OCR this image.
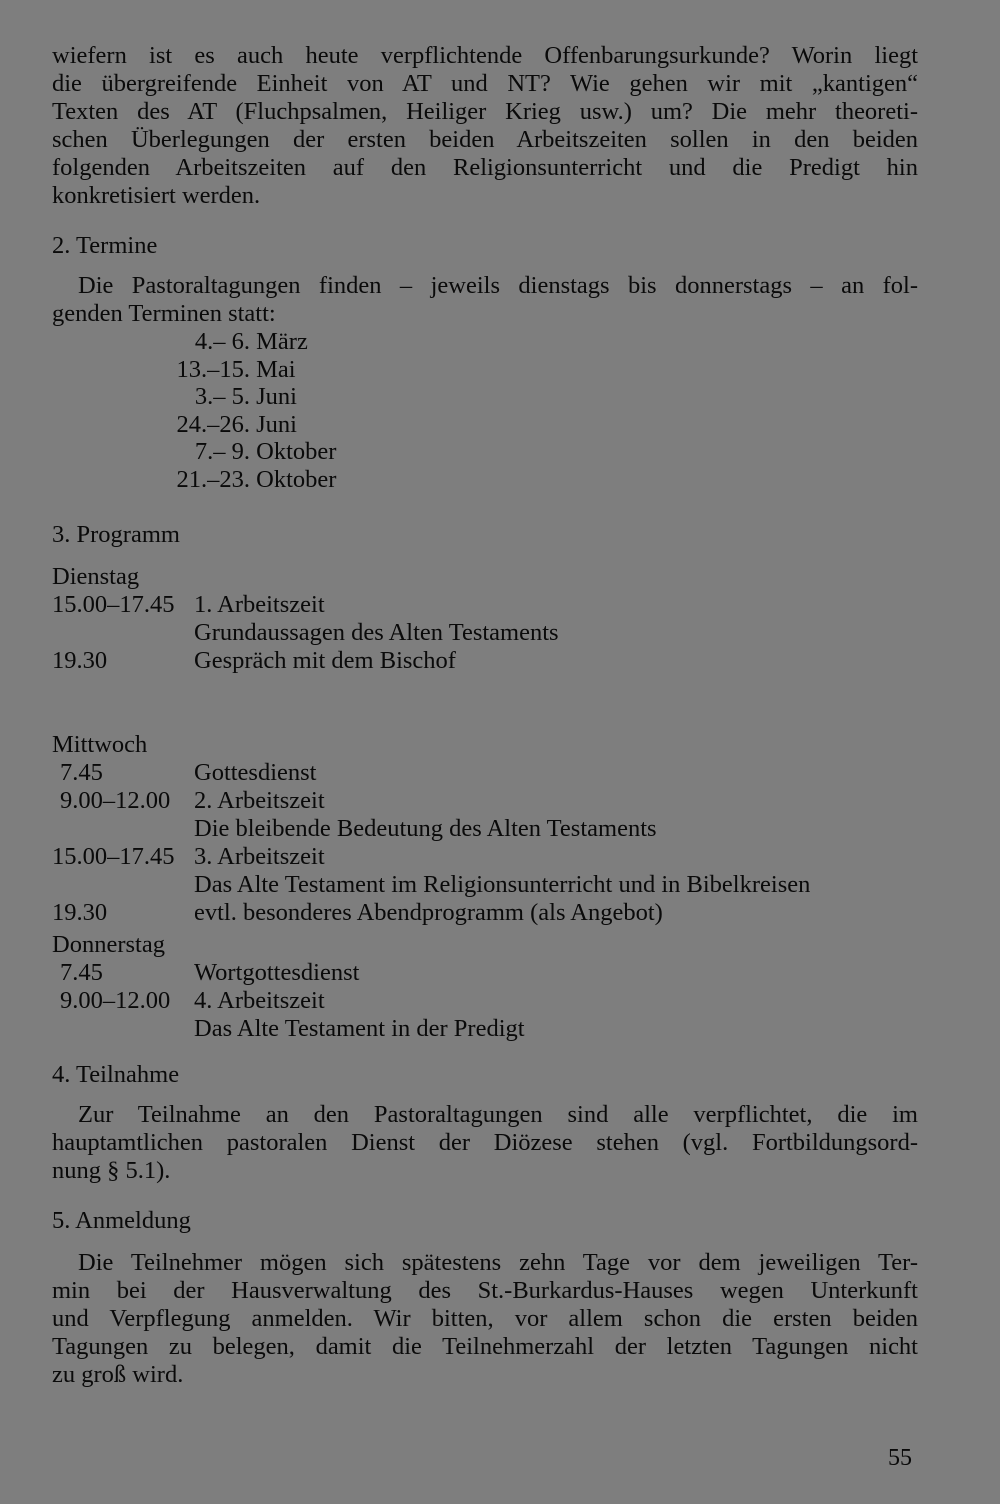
wiefern ist es auch heute verpflichtende Offenbarungsurkunde? Worin liegt
die übergreifende Einheit von AT und NT? Wie gehen wir mit „kantigen“
Texten des AT (Fluchpsalmen, Heiliger Krieg usw.) um? Die mehr theoreti-
schen Überlegungen der ersten beiden Arbeitszeiten sollen in den beiden
folgenden Arbeitszeiten auf den Religionsunterricht und die Predigt hin
konkretisiert werden.
2. Termine
Die Pastoraltagungen finden – jeweils dienstags bis donnerstags – an fol-
genden Terminen statt:
4.– 6. März
13.–15. Mai
3.– 5. Juni
24.–26. Juni
7.– 9. Oktober
21.–23. Oktober
3. Programm
Dienstag
15.00–17.45 1. Arbeitszeit
Grundaussagen des Alten Testaments
19.30	Gespräch mit dem Bischof
Mittwoch
7.45	Gottesdienst
9.00–12.00 2. Arbeitszeit
Die bleibende Bedeutung des Alten Testaments
15.00–17.45 3. Arbeitszeit
Das Alte Testament im Religionsunterricht und in Bibelkreisen
19.30	evtl. besonderes Abendprogramm (als Angebot)
Donnerstag
7.45	Wortgottesdienst
9.00–12.00 4. Arbeitszeit
Das Alte Testament in der Predigt
4. Teilnahme
Zur Teilnahme an den Pastoraltagungen sind alle verpflichtet, die im
hauptamtlichen pastoralen Dienst der Diözese stehen (vgl. Fortbildungsord-
nung § 5.1).
5. Anmeldung
Die Teilnehmer mögen sich spätestens zehn Tage vor dem jeweiligen Ter-
min bei der Hausverwaltung des St.-Burkardus-Hauses wegen Unterkunft
und Verpflegung anmelden. Wir bitten, vor allem schon die ersten beiden
Tagungen zu belegen, damit die Teilnehmerzahl der letzten Tagungen nicht
zu groß wird.
55
